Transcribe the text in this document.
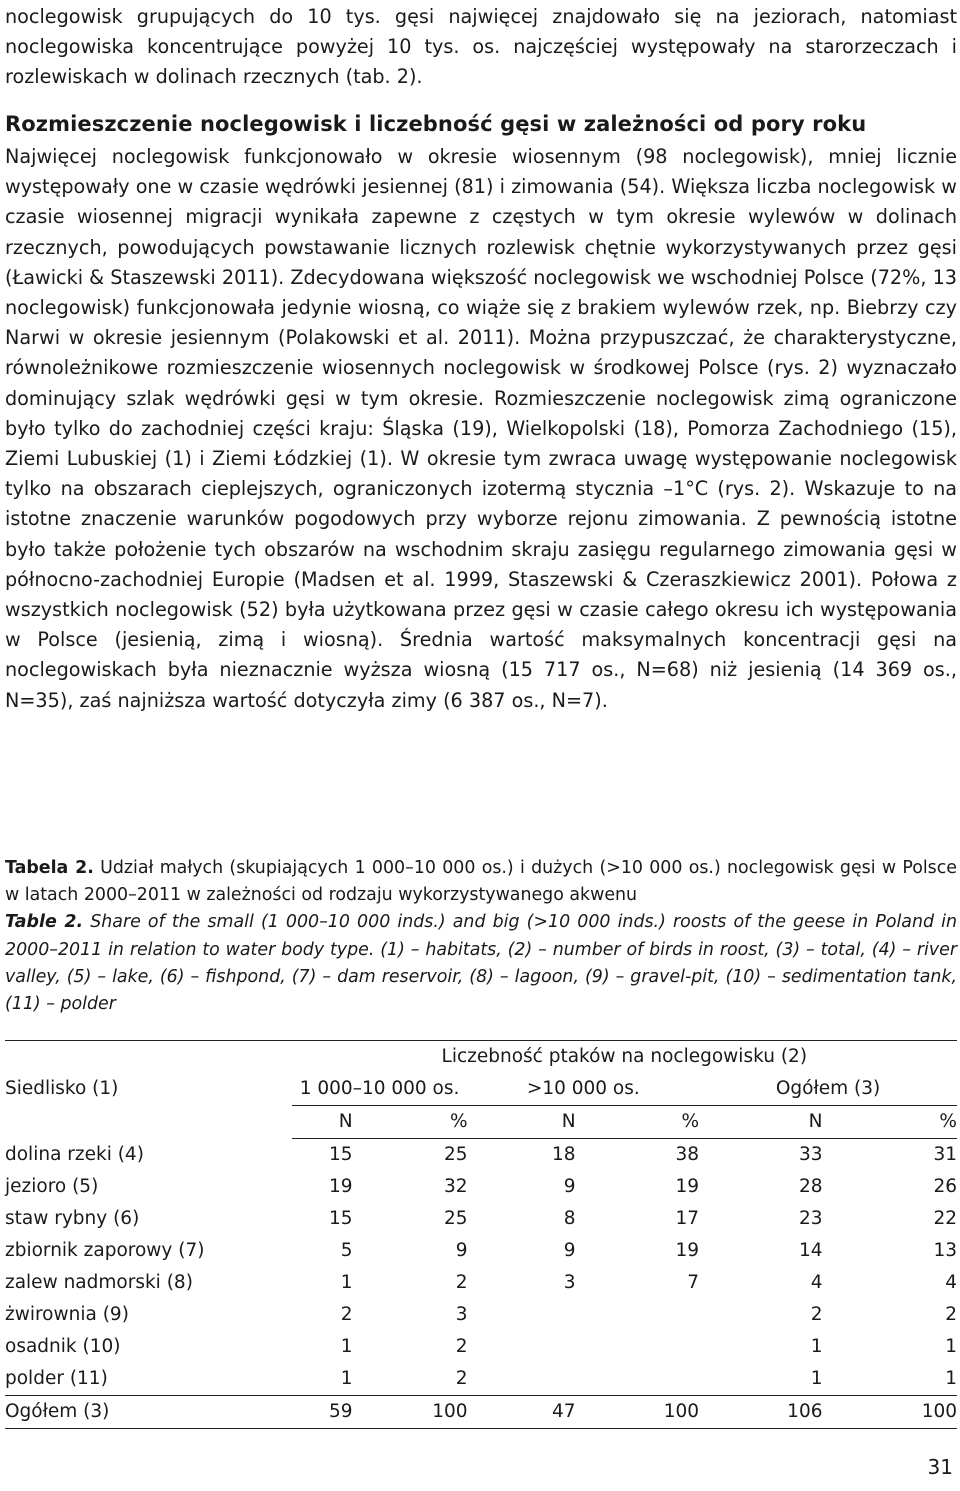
noclegowisk grupujących do 10 tys. gęsi najwięcej znajdowało się na jeziorach, natomiast noclegowiska koncentrujące powyżej 10 tys. os. najczęściej występowały na starorzeczach i rozlewiskach w dolinach rzecznych (tab. 2).

Rozmieszczenie noclegowisk i liczebność gęsi w zależności od pory roku

Najwięcej noclegowisk funkcjonowało w okresie wiosennym (98 noclegowisk), mniej licznie występowały one w czasie wędrówki jesiennej (81) i zimowania (54). Większa liczba noclegowisk w czasie wiosennej migracji wynikała zapewne z częstych w tym okresie wylewów w dolinach rzecznych, powodujących powstawanie licznych rozlewisk chętnie wykorzystywanych przez gęsi (Ławicki & Staszewski 2011). Zdecydowana większość noclegowisk we wschodniej Polsce (72%, 13 noclegowisk) funkcjonowała jedynie wiosną, co wiąże się z brakiem wylewów rzek, np. Biebrzy czy Narwi w okresie jesiennym (Polakowski et al. 2011). Można przypuszczać, że charakterystyczne, równoleżnikowe rozmieszczenie wiosennych noclegowisk w środkowej Polsce (rys. 2) wyznaczało dominujący szlak wędrówki gęsi w tym okresie. Rozmieszczenie noclegowisk zimą ograniczone było tylko do zachodniej części kraju: Śląska (19), Wielkopolski (18), Pomorza Zachodniego (15), Ziemi Lubuskiej (1) i Ziemi Łódzkiej (1). W okresie tym zwraca uwagę występowanie noclegowisk tylko na obszarach cieplejszych, ograniczonych izotermą stycznia –1°C (rys. 2). Wskazuje to na istotne znaczenie warunków pogodowych przy wyborze rejonu zimowania. Z pewnością istotne było także położenie tych obszarów na wschodnim skraju zasięgu regularnego zimowania gęsi w północno-zachodniej Europie (Madsen et al. 1999, Staszewski & Czeraszkiewicz 2001). Połowa z wszystkich noclegowisk (52) była użytkowana przez gęsi w czasie całego okresu ich występowania w Polsce (jesienią, zimą i wiosną). Średnia wartość maksymalnych koncentracji gęsi na noclegowiskach była nieznacznie wyższa wiosną (15 717 os., N=68) niż jesienią (14 369 os., N=35), zaś najniższa wartość dotyczyła zimy (6 387 os., N=7).

Tabela 2. Udział małych (skupiających 1 000–10 000 os.) i dużych (>10 000 os.) noclegowisk gęsi w Polsce w latach 2000–2011 w zależności od rodzaju wykorzystywanego akwenu

Table 2. Share of the small (1 000–10 000 inds.) and big (>10 000 inds.) roosts of the geese in Poland in 2000–2011 in relation to water body type. (1) – habitats, (2) – number of birds in roost, (3) – total, (4) – river valley, (5) – lake, (6) – fishpond, (7) – dam reservoir, (8) – lagoon, (9) – gravel-pit, (10) – sedimentation tank, (11) – polder

	Liczebność ptaków na noclegowisku (2)					
Siedlisko (1)	1 000–10 000 os.		>10 000 os.		Ogółem (3)	
	N	%	N	%	N	%
dolina rzeki (4)	15	25	18	38	33	31
jezioro (5)	19	32	9	19	28	26
staw rybny (6)	15	25	8	17	23	22
zbiornik zaporowy (7)	5	9	9	19	14	13
zalew nadmorski (8)	1	2	3	7	4	4
żwirownia (9)	2	3			2	2
osadnik (10)	1	2			1	1
polder (11)	1	2			1	1
Ogółem (3)	59	100	47	100	106	100
31
